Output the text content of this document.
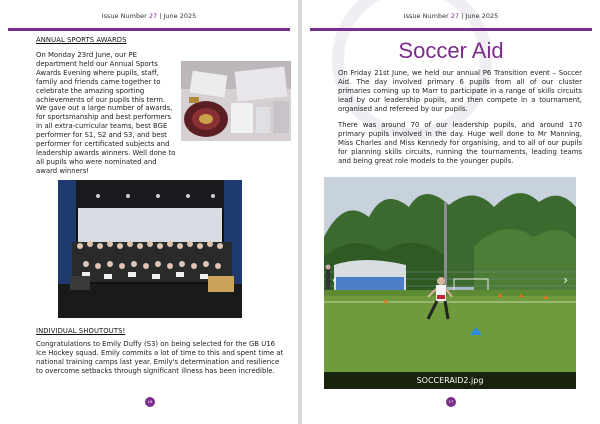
Issue Number 27 | June 2025
ANNUAL SPORTS AWARDS
On Monday 23rd June, our PE department held our Annual Sports Awards Evening where pupils, staff, family and friends came together to celebrate the amazing sporting achievements of our pupils this term. We gave out a large number of awards, for sportsmanship and best performers in all extra-curricular teams, best BGE performer for S1, S2 and S3, and best performer for certificated subjects and leadership awards winners. Well done to all pupils who were nominated and award winners!
INDIVIDUAL SHOUTOUTS!
Congratulations to Emily Duffy (S3) on being selected for the GB U16 Ice Hockey squad. Emily commits a lot of time to this and spent time at national training camps last year. Emily's determination and resilience to overcome setbacks through significant illness has been incredible.
16
Issue Number 27 | June 2025
Soccer Aid
On Friday 21st June, we held our annual P6 Transition event – Soccer Aid. The day involved primary 6 pupils from all of our cluster primaries coming up to Marr to participate in a range of skills circuits lead by our leadership pupils, and then compete in a tournament, organised and refereed by our pupils.
There was around 70 of our leadership pupils, and around 170 primary pupils involved in the day. Huge well done to Mr Manning, Miss Charles and Miss Kennedy for organising, and to all of our pupils for planning skills circuits, running the tournaments, leading teams and being great role models to the younger pupils.
‹	›
SOCCERAID2.jpg
17
